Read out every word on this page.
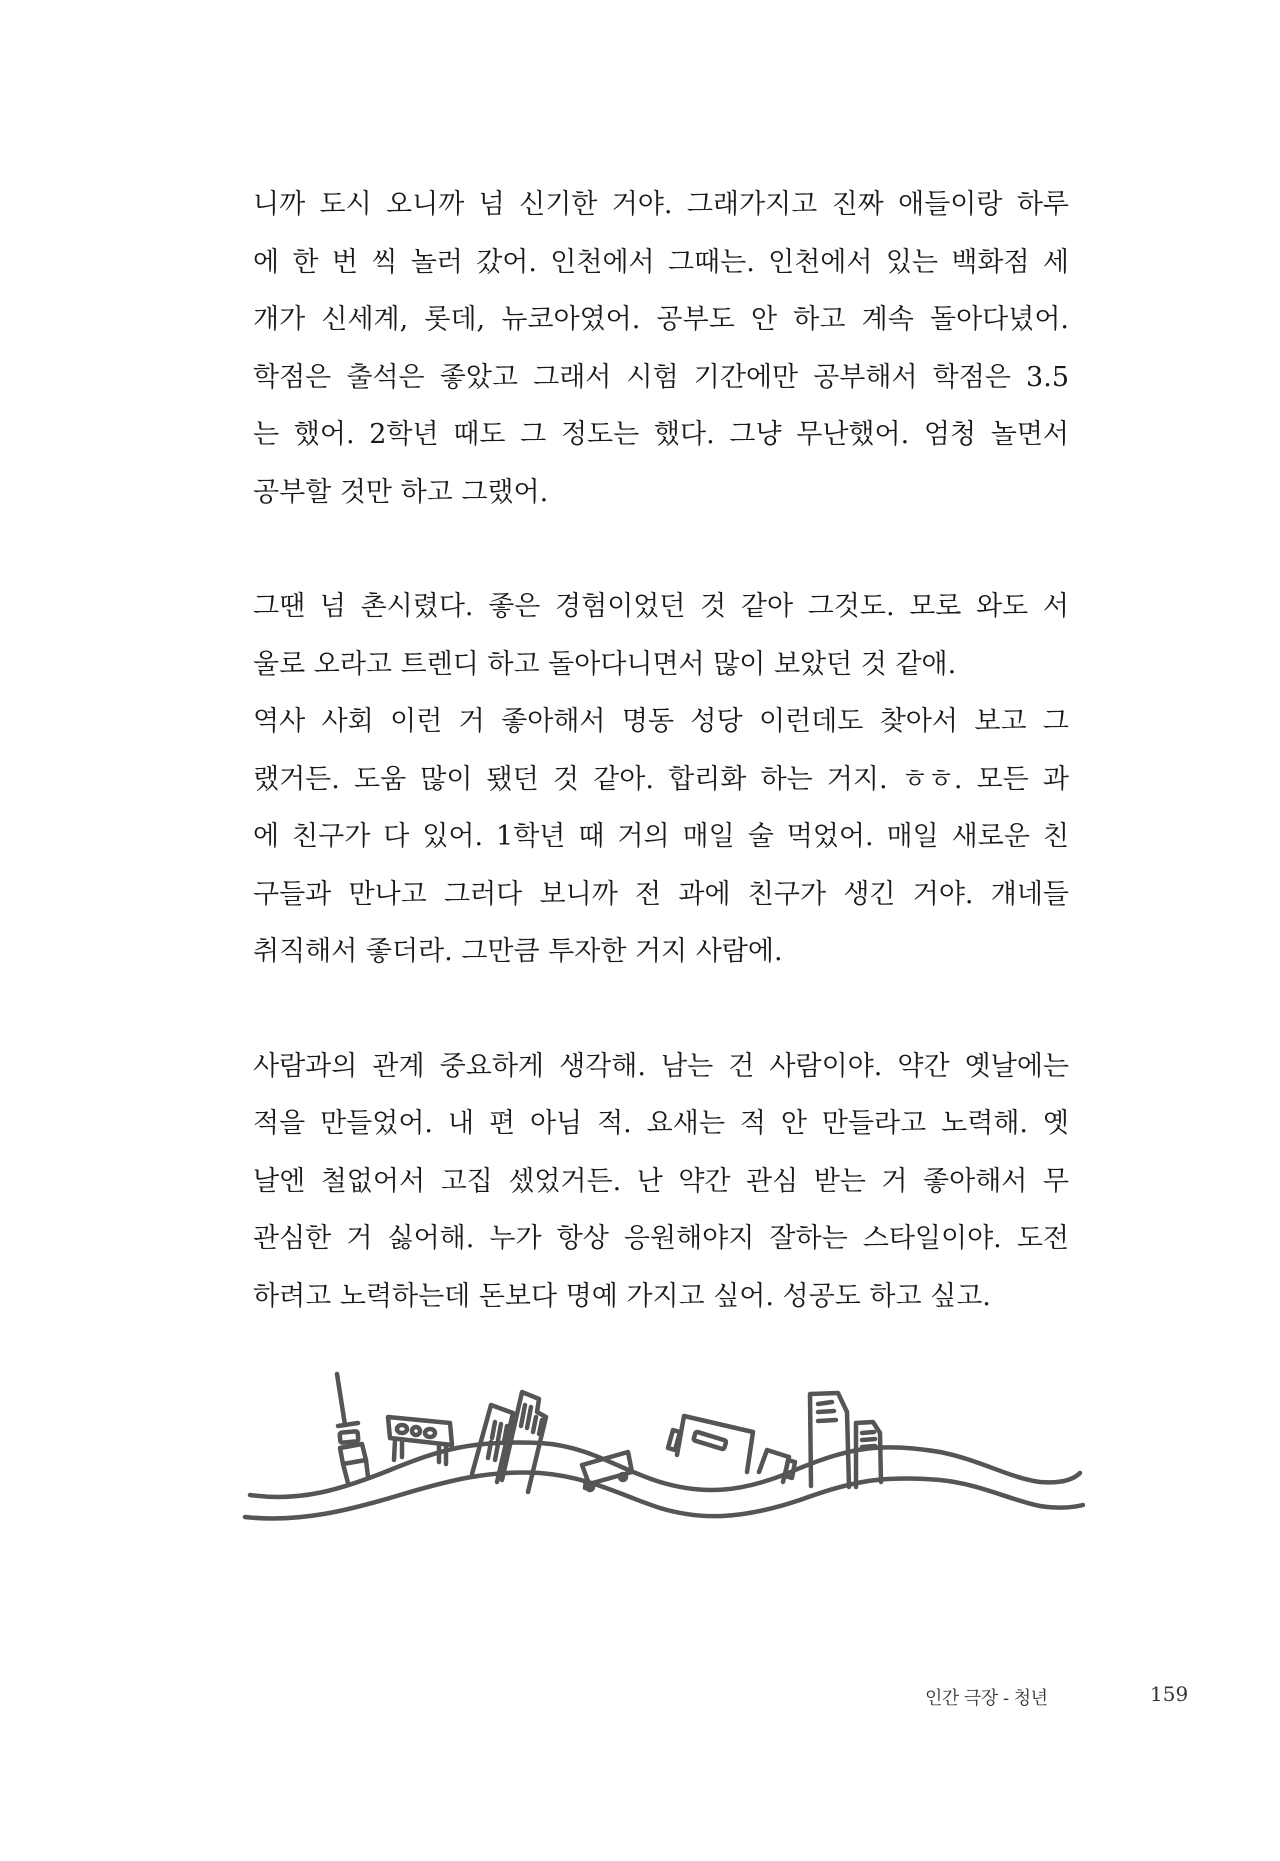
니까 도시 오니까 넘 신기한 거야. 그래가지고 진짜 애들이랑 하루
에 한 번 씩 놀러 갔어. 인천에서 그때는. 인천에서 있는 백화점 세
개가 신세계, 롯데, 뉴코아였어. 공부도 안 하고 계속 돌아다녔어.
학점은 출석은 좋았고 그래서 시험 기간에만 공부해서 학점은 3.5
는 했어. 2학년 때도 그 정도는 했다. 그냥 무난했어. 엄청 놀면서
공부할 것만 하고 그랬어.

그땐 넘 촌시렸다. 좋은 경험이었던 것 같아 그것도. 모로 와도 서
울로 오라고 트렌디 하고 돌아다니면서 많이 보았던 것 같애.
역사 사회 이런 거 좋아해서 명동 성당 이런데도 찾아서 보고 그
랬거든. 도움 많이 됐던 것 같아. 합리화 하는 거지. ㅎㅎ. 모든 과
에 친구가 다 있어. 1학년 때 거의 매일 술 먹었어. 매일 새로운 친
구들과 만나고 그러다 보니까 전 과에 친구가 생긴 거야. 걔네들
취직해서 좋더라. 그만큼 투자한 거지 사람에.

사람과의 관계 중요하게 생각해. 남는 건 사람이야. 약간 옛날에는
적을 만들었어. 내 편 아님 적. 요새는 적 안 만들라고 노력해. 옛
날엔 철없어서 고집 셌었거든. 난 약간 관심 받는 거 좋아해서 무
관심한 거 싫어해. 누가 항상 응원해야지 잘하는 스타일이야. 도전
하려고 노력하는데 돈보다 명예 가지고 싶어. 성공도 하고 싶고.

인간 극장 - 청년	159
